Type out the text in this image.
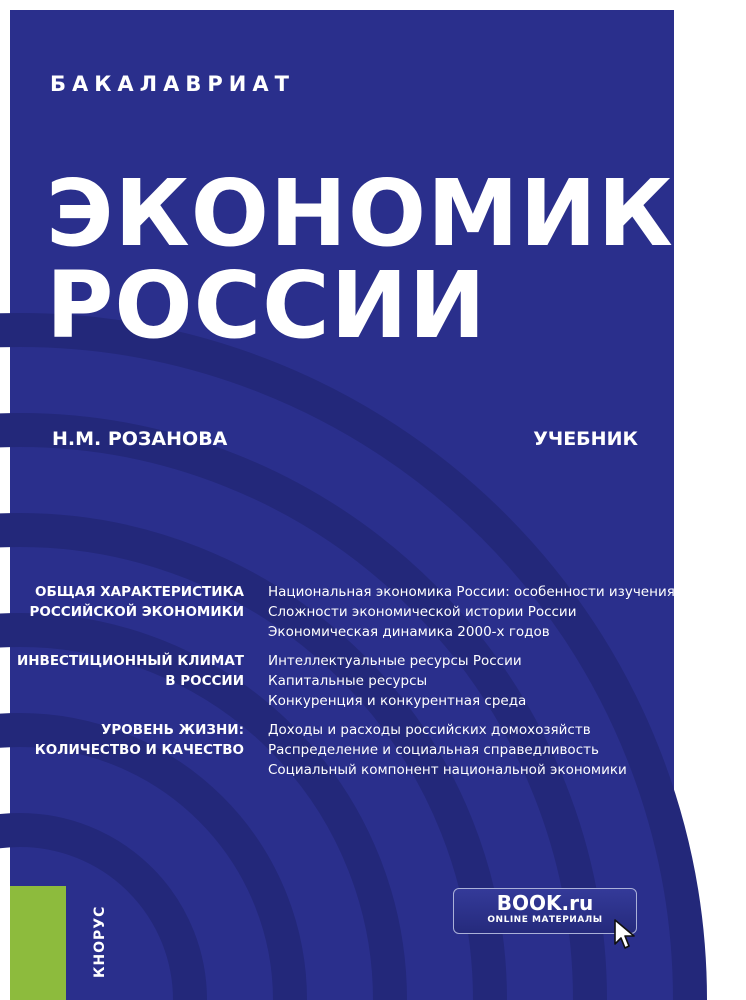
БАКАЛАВРИАТ
ЭКОНОМИКА
РОССИИ
Н.М. РОЗАНОВА	УЧЕБНИК
ОБЩАЯ ХАРАКТЕРИСТИКА
РОССИЙСКОЙ ЭКОНОМИКИ
Национальная экономика России: особенности изучения
Сложности экономической истории России
Экономическая динамика 2000-х годов
ИНВЕСТИЦИОННЫЙ КЛИМАТ
В РОССИИ
Интеллектуальные ресурсы России
Капитальные ресурсы
Конкуренция и конкурентная среда
УРОВЕНЬ ЖИЗНИ:
КОЛИЧЕСТВО И КАЧЕСТВО
Доходы и расходы российских домохозяйств
Распределение и социальная справедливость
Социальный компонент национальной экономики
КНОРУС
BOOK.ru
ONLINE МАТЕРИАЛЫ
